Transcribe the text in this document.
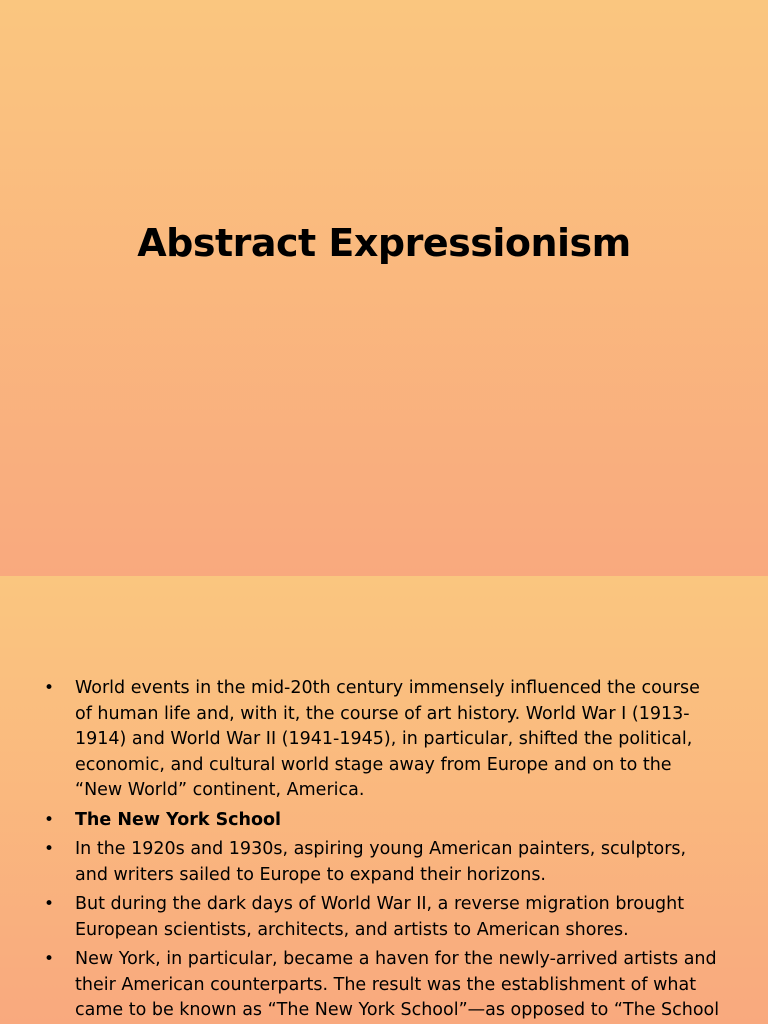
Abstract Expressionism
• World events in the mid-20th century immensely influenced the course of human life and, with it, the course of art history. World War I (1913-1914) and World War II (1941-1945), in particular, shifted the political, economic, and cultural world stage away from Europe and on to the “New World” continent, America.
• The New York School
• In the 1920s and 1930s, aspiring young American painters, sculptors, and writers sailed to Europe to expand their horizons.
• But during the dark days of World War II, a reverse migration brought European scientists, architects, and artists to American shores.
• New York, in particular, became a haven for the newly-arrived artists and their American counterparts. The result was the establishment of what came to be known as “The New York School”—as opposed to “The School
